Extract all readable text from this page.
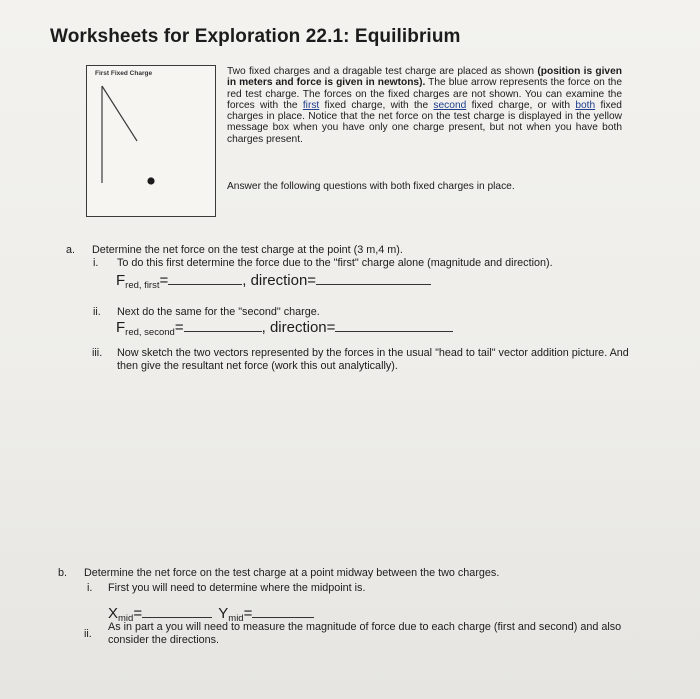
Worksheets for Exploration 22.1: Equilibrium
First Fixed Charge	Two fixed charges and a dragable test charge are placed as shown (position is given in meters and force is given in newtons). The blue arrow represents the force on the red test charge. The forces on the fixed charges are not shown. You can examine the forces with the first fixed charge, with the second fixed charge, or with both fixed charges in place. Notice that the net force on the test charge is displayed in the yellow message box when you have only one charge present, but not when you have both charges present.
Answer the following questions with both fixed charges in place.
a. Determine the net force on the test charge at the point (3 m,4 m).
i. To do this first determine the force due to the "first" charge alone (magnitude and direction).
$F_{red, first}=$	, direction=
ii. Next do the same for the "second" charge.
$F_{red, second}=$	, direction=
iii. Now sketch the two vectors represented by the forces in the usual "head to tail" vector addition picture. And then give the resultant net force (work this out analytically).
b. Determine the net force on the test charge at a point midway between the two charges.
i. First you will need to determine where the midpoint is.
$X_{mid}=$	$Y_{mid}=$
ii.
As in part a you will need to measure the magnitude of force due to each charge (first and second) and also consider the directions.
